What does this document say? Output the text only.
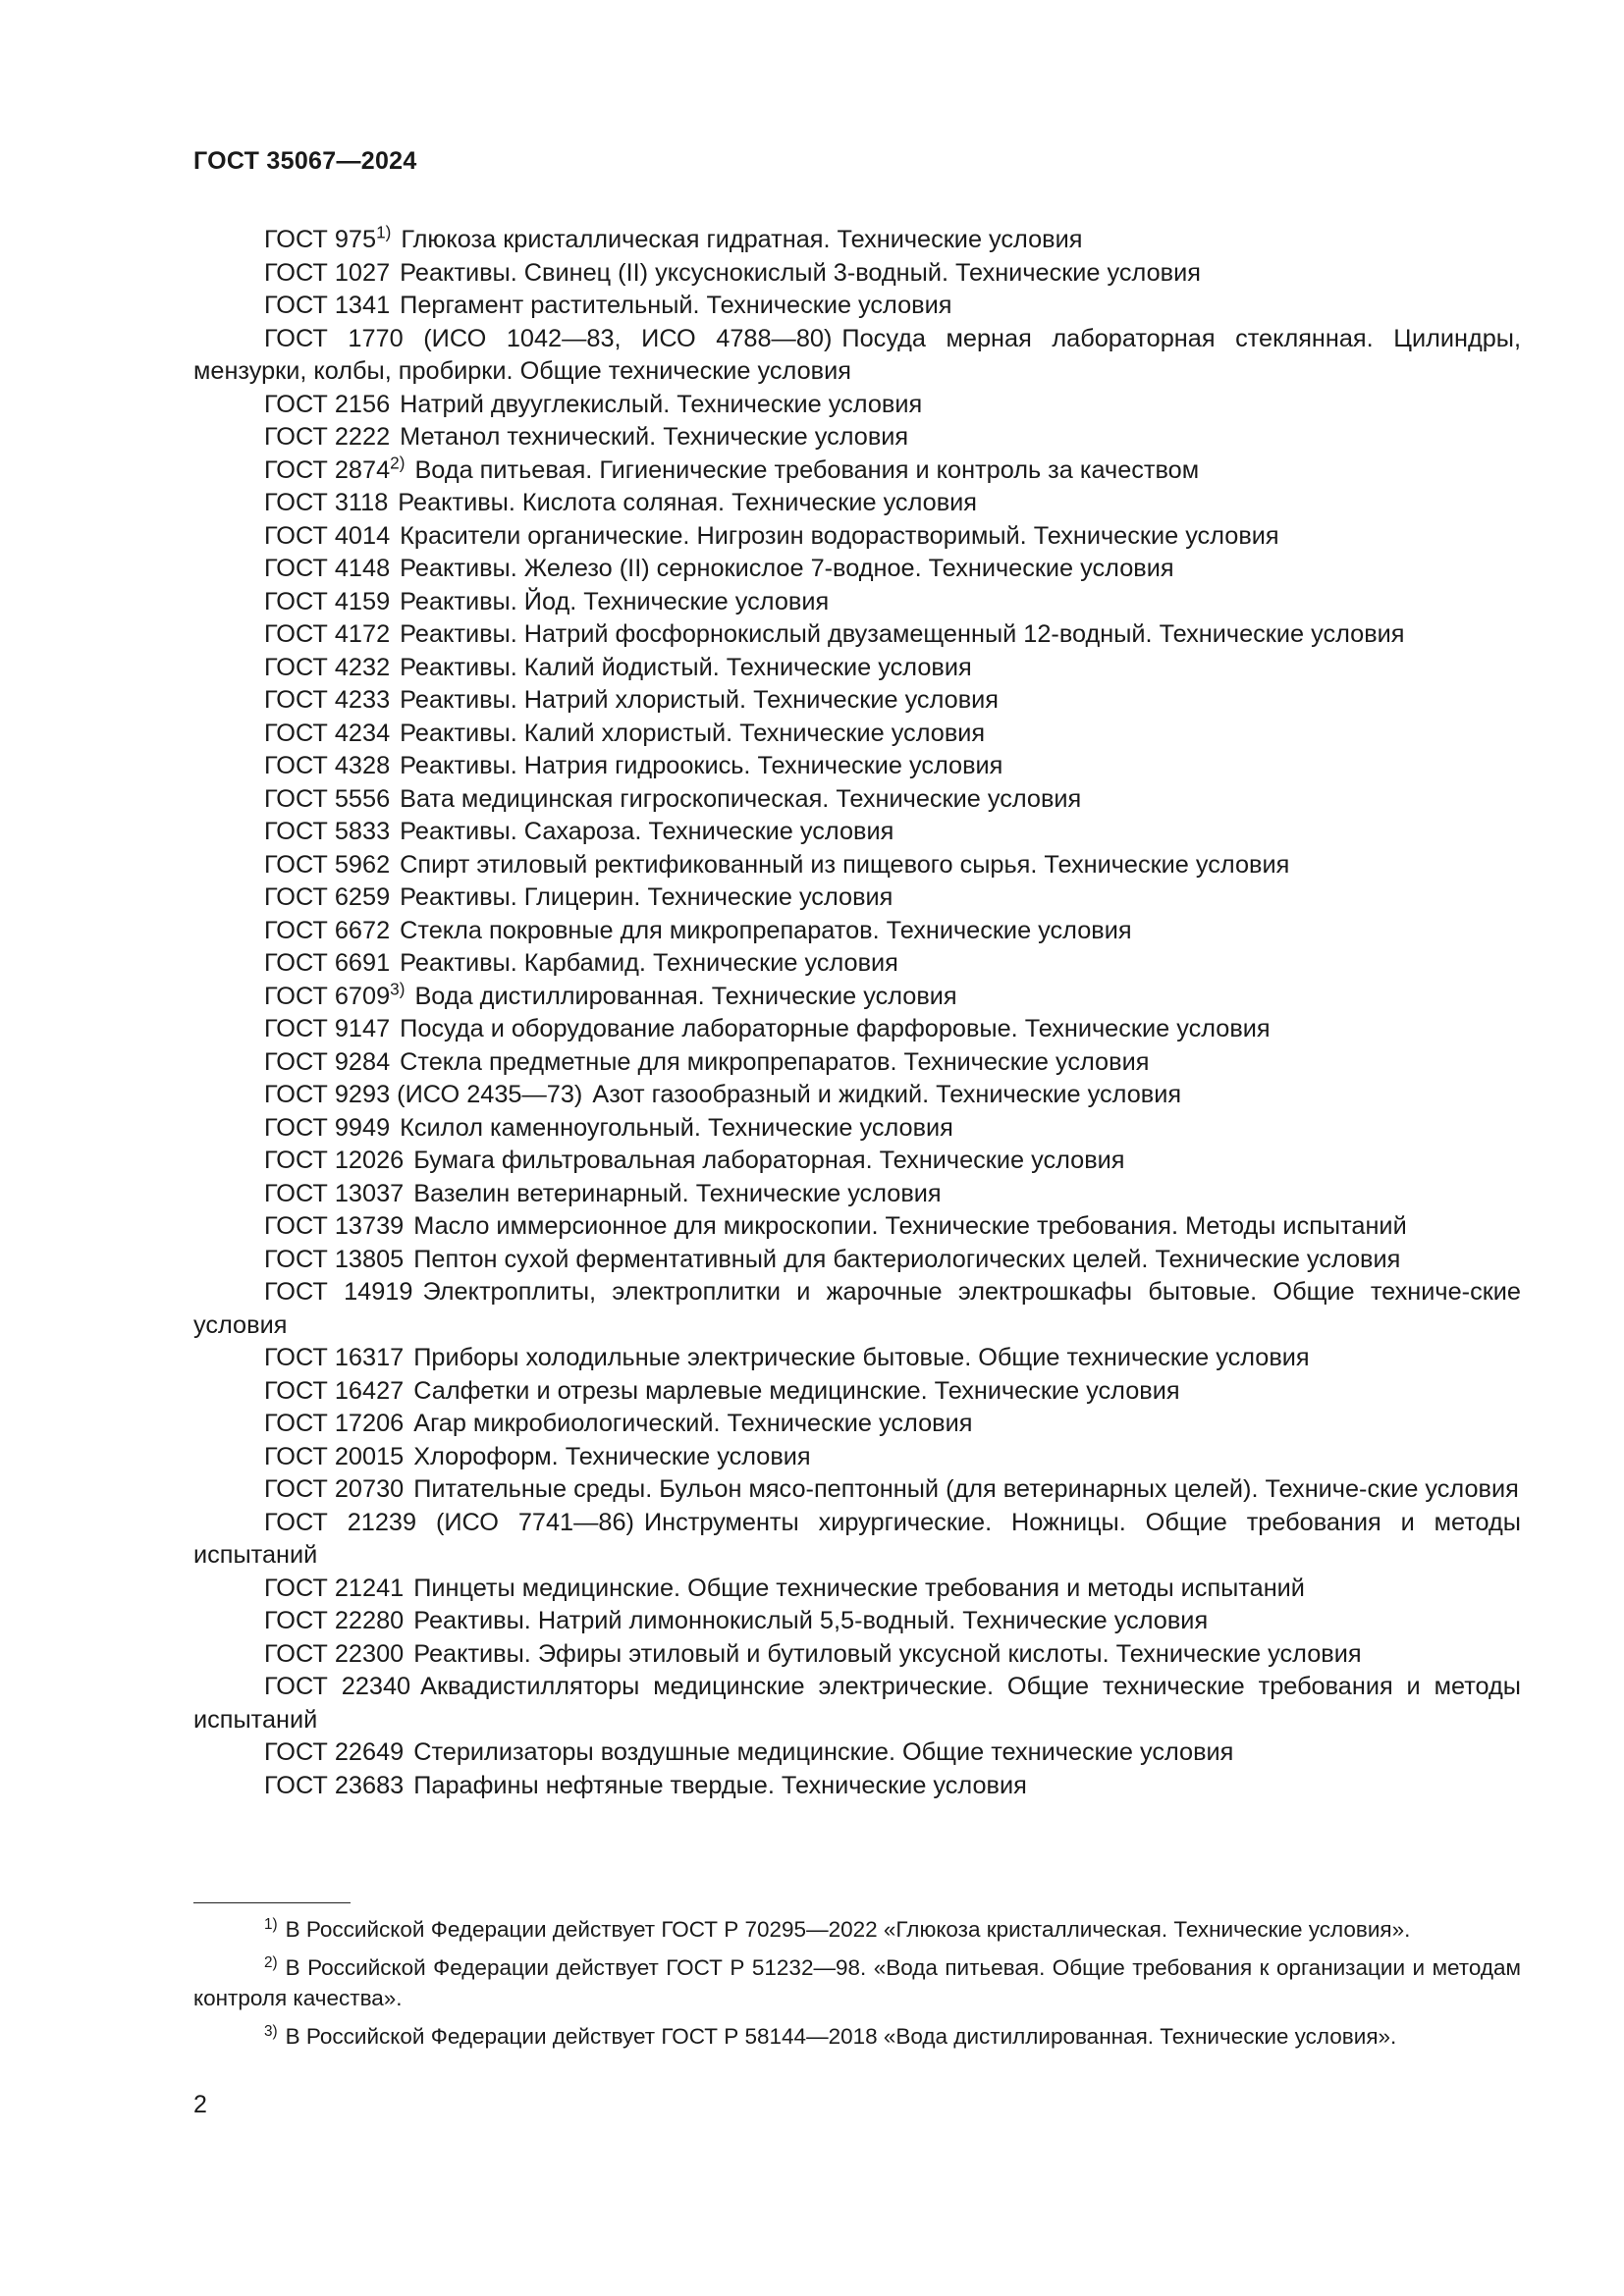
ГОСТ 35067—2024
ГОСТ 975$^{1)}$ Глюкоза кристаллическая гидратная. Технические условия
ГОСТ 1027 Реактивы. Свинец (II) уксуснокислый 3-водный. Технические условия
ГОСТ 1341 Пергамент растительный. Технические условия
ГОСТ 1770 (ИСО 1042—83, ИСО 4788—80) Посуда мерная лабораторная стеклянная. Цилиндры, мензурки, колбы, пробирки. Общие технические условия
ГОСТ 2156 Натрий двууглекислый. Технические условия
ГОСТ 2222 Метанол технический. Технические условия
ГОСТ 2874$^{2)}$ Вода питьевая. Гигиенические требования и контроль за качеством
ГОСТ 3118 Реактивы. Кислота соляная. Технические условия
ГОСТ 4014 Красители органические. Нигрозин водорастворимый. Технические условия
ГОСТ 4148 Реактивы. Железо (II) сернокислое 7-водное. Технические условия
ГОСТ 4159 Реактивы. Йод. Технические условия
ГОСТ 4172 Реактивы. Натрий фосфорнокислый двузамещенный 12-водный. Технические условия
ГОСТ 4232 Реактивы. Калий йодистый. Технические условия
ГОСТ 4233 Реактивы. Натрий хлористый. Технические условия
ГОСТ 4234 Реактивы. Калий хлористый. Технические условия
ГОСТ 4328 Реактивы. Натрия гидроокись. Технические условия
ГОСТ 5556 Вата медицинская гигроскопическая. Технические условия
ГОСТ 5833 Реактивы. Сахароза. Технические условия
ГОСТ 5962 Спирт этиловый ректификованный из пищевого сырья. Технические условия
ГОСТ 6259 Реактивы. Глицерин. Технические условия
ГОСТ 6672 Стекла покровные для микропрепаратов. Технические условия
ГОСТ 6691 Реактивы. Карбамид. Технические условия
ГОСТ 6709$^{3)}$ Вода дистиллированная. Технические условия
ГОСТ 9147 Посуда и оборудование лабораторные фарфоровые. Технические условия
ГОСТ 9284 Стекла предметные для микропрепаратов. Технические условия
ГОСТ 9293 (ИСО 2435—73) Азот газообразный и жидкий. Технические условия
ГОСТ 9949 Ксилол каменноугольный. Технические условия
ГОСТ 12026 Бумага фильтровальная лабораторная. Технические условия
ГОСТ 13037 Вазелин ветеринарный. Технические условия
ГОСТ 13739 Масло иммерсионное для микроскопии. Технические требования. Методы испытаний
ГОСТ 13805 Пептон сухой ферментативный для бактериологических целей. Технические условия
ГОСТ 14919 Электроплиты, электроплитки и жарочные электрошкафы бытовые. Общие техниче-ские условия
ГОСТ 16317 Приборы холодильные электрические бытовые. Общие технические условия
ГОСТ 16427 Салфетки и отрезы марлевые медицинские. Технические условия
ГОСТ 17206 Агар микробиологический. Технические условия
ГОСТ 20015 Хлороформ. Технические условия
ГОСТ 20730 Питательные среды. Бульон мясо-пептонный (для ветеринарных целей). Техниче-ские условия
ГОСТ 21239 (ИСО 7741—86) Инструменты хирургические. Ножницы. Общие требования и методы испытаний
ГОСТ 21241 Пинцеты медицинские. Общие технические требования и методы испытаний
ГОСТ 22280 Реактивы. Натрий лимоннокислый 5,5-водный. Технические условия
ГОСТ 22300 Реактивы. Эфиры этиловый и бутиловый уксусной кислоты. Технические условия
ГОСТ 22340 Аквадистилляторы медицинские электрические. Общие технические требования и методы испытаний
ГОСТ 22649 Стерилизаторы воздушные медицинские. Общие технические условия
ГОСТ 23683 Парафины нефтяные твердые. Технические условия
$^{1)}$ В Российской Федерации действует ГОСТ Р 70295—2022 «Глюкоза кристаллическая. Технические условия».
$^{2)}$ В Российской Федерации действует ГОСТ Р 51232—98. «Вода питьевая. Общие требования к организации и методам контроля качества».
$^{3)}$ В Российской Федерации действует ГОСТ Р 58144—2018 «Вода дистиллированная. Технические условия».
2
